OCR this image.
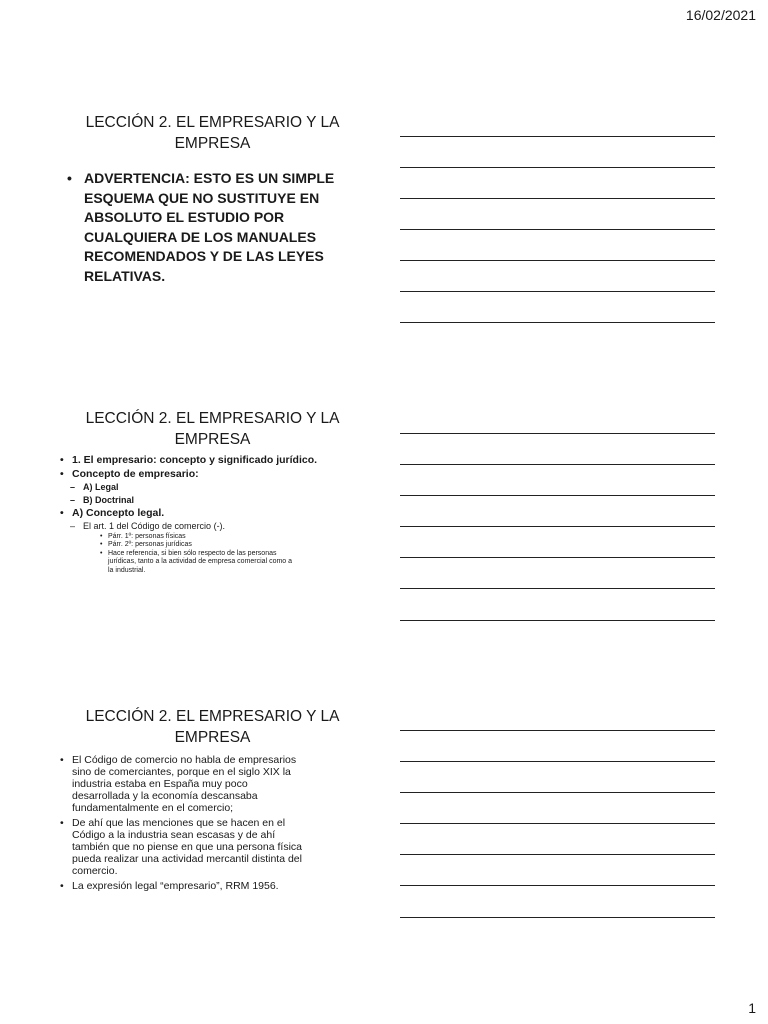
16/02/2021
LECCIÓN 2. EL EMPRESARIO Y LA
EMPRESA
• ADVERTENCIA: ESTO ES UN SIMPLE ESQUEMA QUE NO SUSTITUYE EN ABSOLUTO EL ESTUDIO POR CUALQUIERA DE LOS MANUALES RECOMENDADOS Y DE LAS LEYES RELATIVAS.
LECCIÓN 2. EL EMPRESARIO Y LA
EMPRESA
• 1. El empresario: concepto y significado jurídico.
• Concepto de empresario:
– A) Legal
– B) Doctrinal
• A) Concepto legal.
– El art. 1 del Código de comercio (-).
• Párr. 1º: personas físicas
• Párr. 2º: personas jurídicas
• Hace referencia, si bien sólo respecto de las personas
jurídicas, tanto a la actividad de empresa comercial como a
la industrial.
LECCIÓN 2. EL EMPRESARIO Y LA
EMPRESA
• El Código de comercio no habla de empresarios
sino de comerciantes, porque en el siglo XIX la
industria estaba en España muy poco
desarrollada y la economía descansaba
fundamentalmente en el comercio;
• De ahí que las menciones que se hacen en el
Código a la industria sean escasas y de ahí
también que no piense en que una persona física
pueda realizar una actividad mercantil distinta del
comercio.
• La expresión legal “empresario”, RRM 1956.
1
